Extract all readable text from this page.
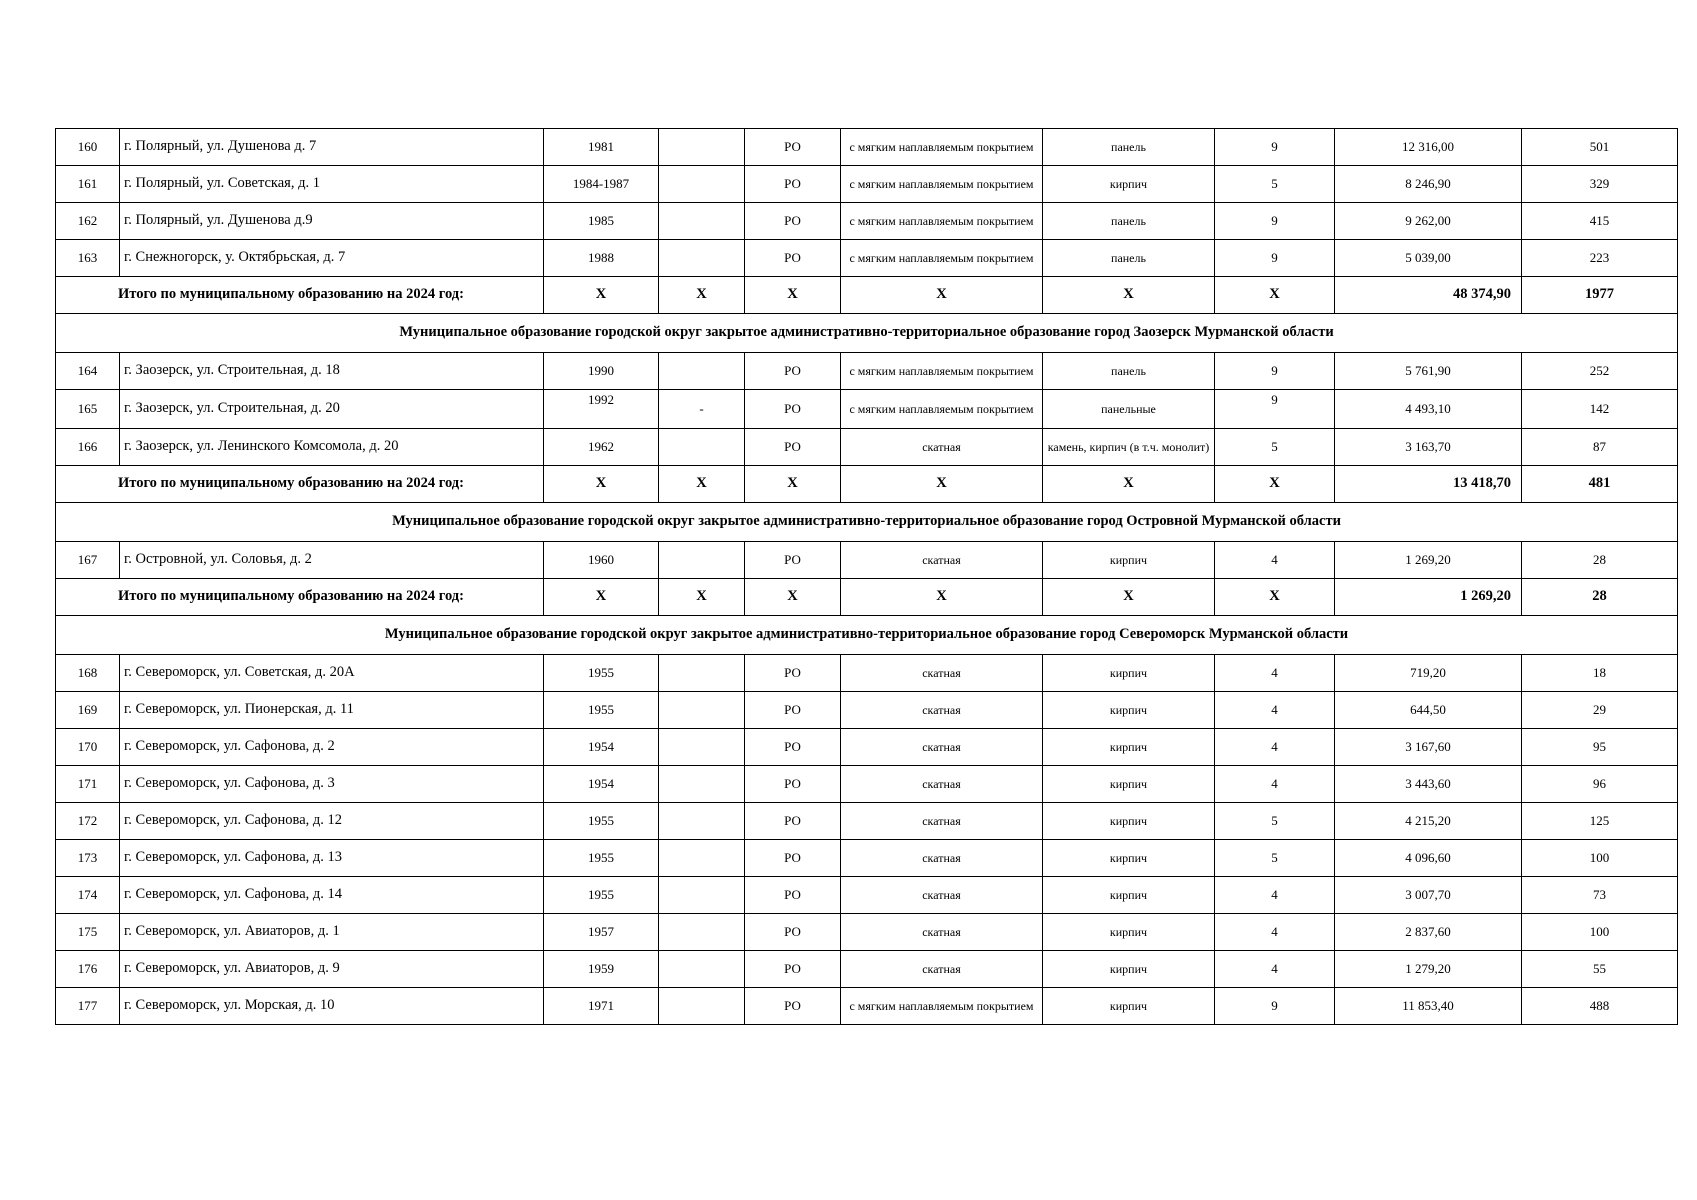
160	г. Полярный, ул. Душенова д. 7	1981		РО	с мягким наплавляемым покрытием	панель	9	12 316,00	501
161	г. Полярный, ул. Советская, д. 1	1984-1987		РО	с мягким наплавляемым покрытием	кирпич	5	8 246,90	329
162	г. Полярный, ул. Душенова д.9	1985		РО	с мягким наплавляемым покрытием	панель	9	9 262,00	415
163	г. Снежногорск, у. Октябрьская, д. 7	1988		РО	с мягким наплавляемым покрытием	панель	9	5 039,00	223
Итого по муниципальному образованию на 2024 год:		X	X	X	X	X	X	48 374,90	1977
Муниципальное образование городской округ закрытое административно-территориальное образование город Заозерск Мурманской области									
164	г. Заозерск, ул. Строительная, д. 18	1990		РО	с мягким наплавляемым покрытием	панель	9	5 761,90	252
165	г. Заозерск, ул. Строительная, д. 20	1992	-	РО	с мягким наплавляемым покрытием	панельные	9	4 493,10	142
166	г. Заозерск, ул. Ленинского Комсомола, д. 20	1962		РО	скатная	камень, кирпич (в т.ч. монолит)	5	3 163,70	87
Итого по муниципальному образованию на 2024 год:		X	X	X	X	X	X	13 418,70	481
Муниципальное образование городской округ закрытое административно-территориальное образование город Островной Мурманской области									
167	г. Островной, ул. Соловья, д. 2	1960		РО	скатная	кирпич	4	1 269,20	28
Итого по муниципальному образованию на 2024 год:		X	X	X	X	X	X	1 269,20	28
Муниципальное образование городской округ закрытое административно-территориальное образование город Североморск Мурманской области									
168	г. Североморск, ул. Советская, д. 20А	1955		РО	скатная	кирпич	4	719,20	18
169	г. Североморск, ул. Пионерская, д. 11	1955		РО	скатная	кирпич	4	644,50	29
170	г. Североморск, ул. Сафонова, д. 2	1954		РО	скатная	кирпич	4	3 167,60	95
171	г. Североморск, ул. Сафонова, д. 3	1954		РО	скатная	кирпич	4	3 443,60	96
172	г. Североморск, ул. Сафонова, д. 12	1955		РО	скатная	кирпич	5	4 215,20	125
173	г. Североморск, ул. Сафонова, д. 13	1955		РО	скатная	кирпич	5	4 096,60	100
174	г. Североморск, ул. Сафонова, д. 14	1955		РО	скатная	кирпич	4	3 007,70	73
175	г. Североморск, ул. Авиаторов, д. 1	1957		РО	скатная	кирпич	4	2 837,60	100
176	г. Североморск, ул. Авиаторов, д. 9	1959		РО	скатная	кирпич	4	1 279,20	55
177	г. Североморск, ул. Морская, д. 10	1971		РО	с мягким наплавляемым покрытием	кирпич	9	11 853,40	488
